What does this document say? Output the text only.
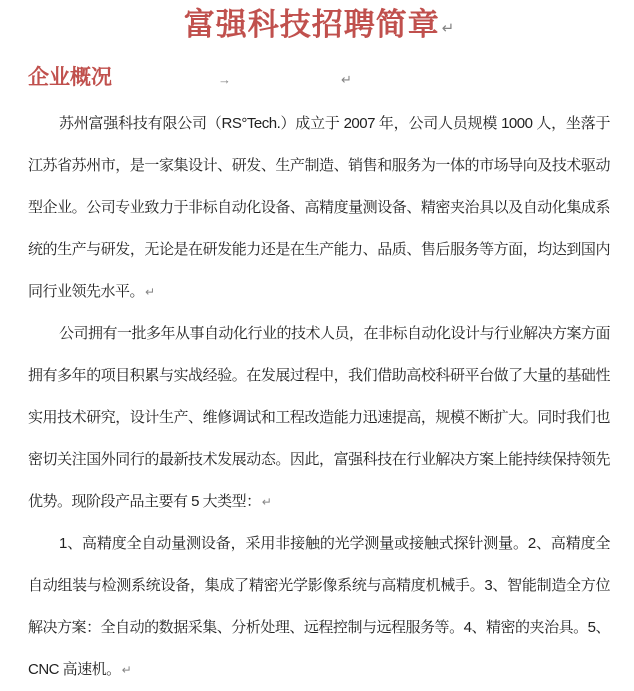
富强科技招聘简章 ↵
企业概况	→	↵

苏州富强科技有限公司（RS°Tech.）成立于 2007 年，公司人员规模 1000 人，坐落于江苏省苏州市，是一家集设计、研发、生产制造、销售和服务为一体的市场导向及技术驱动型企业。公司专业致力于非标自动化设备、高精度量测设备、精密夹治具以及自动化集成系统的生产与研发，无论是在研发能力还是在生产能力、品质、售后服务等方面，均达到国内同行业领先水平。↵

公司拥有一批多年从事自动化行业的技术人员，在非标自动化设计与行业解决方案方面拥有多年的项目积累与实战经验。在发展过程中，我们借助高校科研平台做了大量的基础性实用技术研究，设计生产、维修调试和工程改造能力迅速提高，规模不断扩大。同时我们也密切关注国外同行的最新技术发展动态。因此，富强科技在行业解决方案上能持续保持领先优势。现阶段产品主要有 5 大类型：↵

1、高精度全自动量测设备，采用非接触的光学测量或接触式探针测量。2、高精度全自动组装与检测系统设备，集成了精密光学影像系统与高精度机械手。3、智能制造全方位解决方案：全自动的数据采集、分析处理、远程控制与远程服务等。4、精密的夹治具。5、CNC 高速机。↵
